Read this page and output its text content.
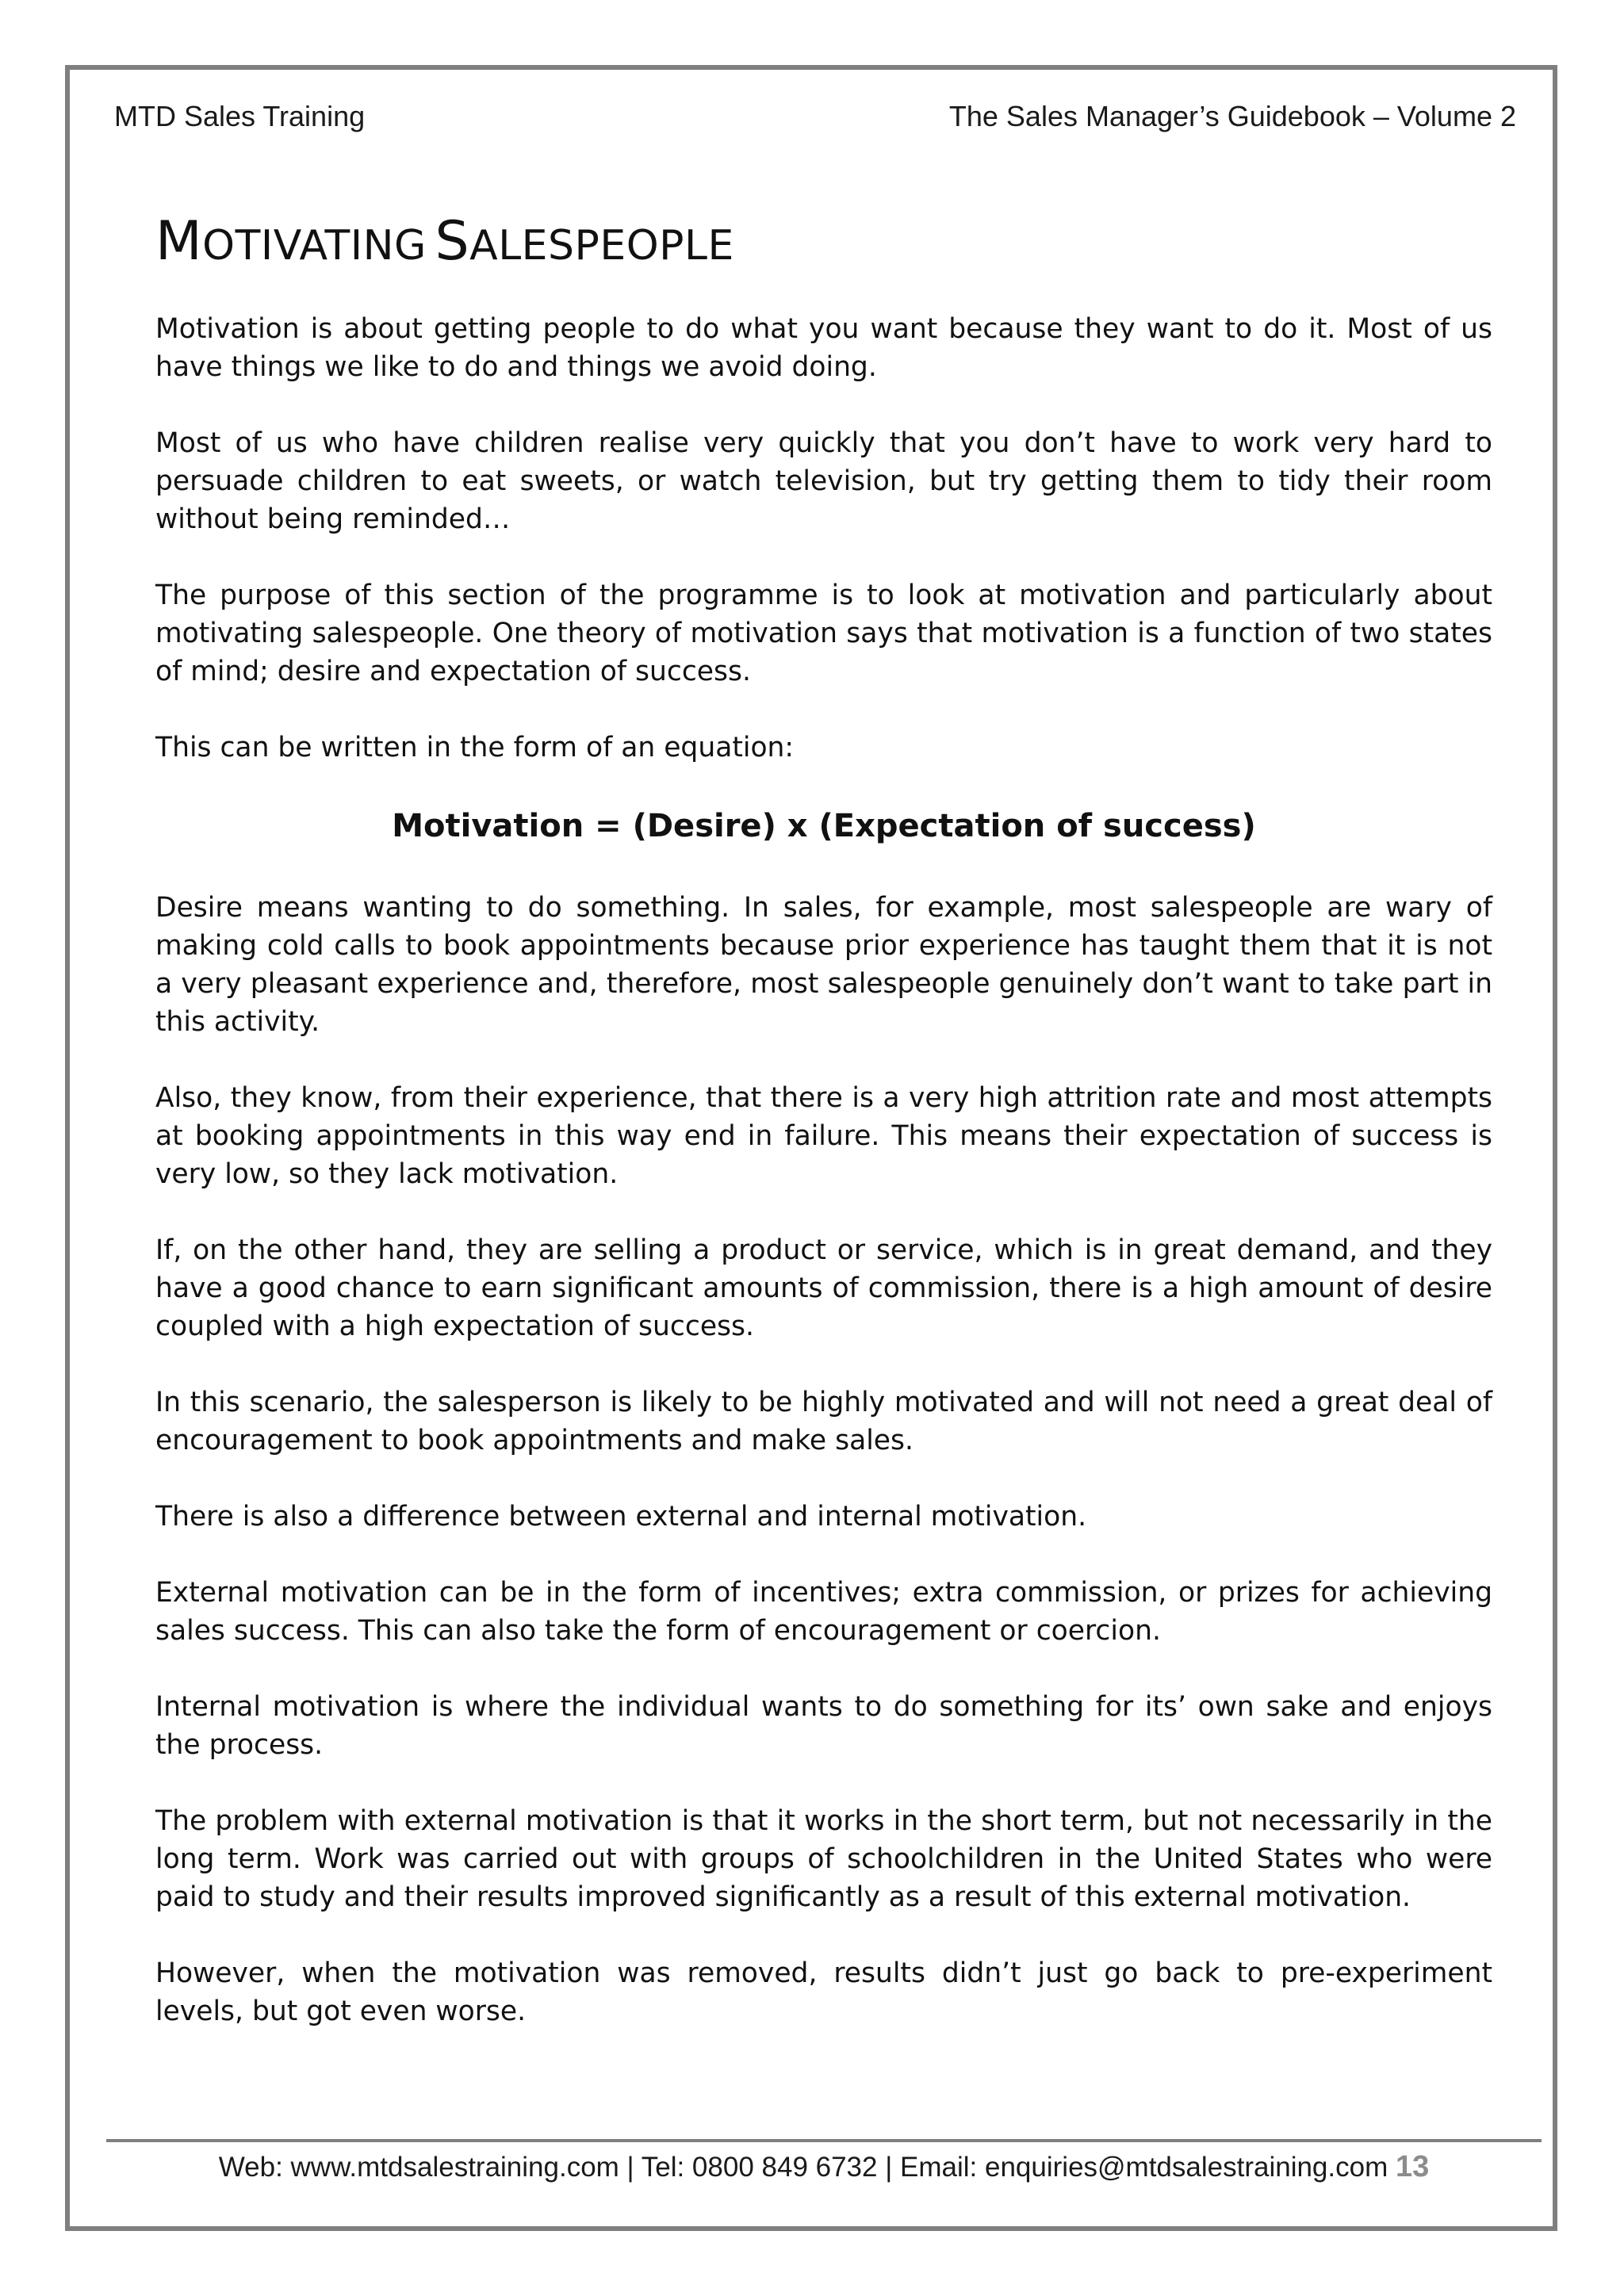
MTD Sales Training	The Sales Manager’s Guidebook – Volume 2
MOTIVATING SALESPEOPLE

Motivation is about getting people to do what you want because they want to do it. Most of us have things we like to do and things we avoid doing.

Most of us who have children realise very quickly that you don’t have to work very hard to persuade children to eat sweets, or watch television, but try getting them to tidy their room without being reminded…

The purpose of this section of the programme is to look at motivation and particularly about motivating salespeople. One theory of motivation says that motivation is a function of two states of mind; desire and expectation of success.

This can be written in the form of an equation:

Motivation = (Desire) x (Expectation of success)

Desire means wanting to do something. In sales, for example, most salespeople are wary of making cold calls to book appointments because prior experience has taught them that it is not a very pleasant experience and, therefore, most salespeople genuinely don’t want to take part in this activity.

Also, they know, from their experience, that there is a very high attrition rate and most attempts at booking appointments in this way end in failure. This means their expectation of success is very low, so they lack motivation.

If, on the other hand, they are selling a product or service, which is in great demand, and they have a good chance to earn significant amounts of commission, there is a high amount of desire coupled with a high expectation of success.

In this scenario, the salesperson is likely to be highly motivated and will not need a great deal of encouragement to book appointments and make sales.

There is also a difference between external and internal motivation.

External motivation can be in the form of incentives; extra commission, or prizes for achieving sales success. This can also take the form of encouragement or coercion.

Internal motivation is where the individual wants to do something for its’ own sake and enjoys the process.

The problem with external motivation is that it works in the short term, but not necessarily in the long term. Work was carried out with groups of schoolchildren in the United States who were paid to study and their results improved significantly as a result of this external motivation.

However, when the motivation was removed, results didn’t just go back to pre-experiment levels, but got even worse.

Web: www.mtdsalestraining.com | Tel: 0800 849 6732 | Email: enquiries@mtdsalestraining.com 13
